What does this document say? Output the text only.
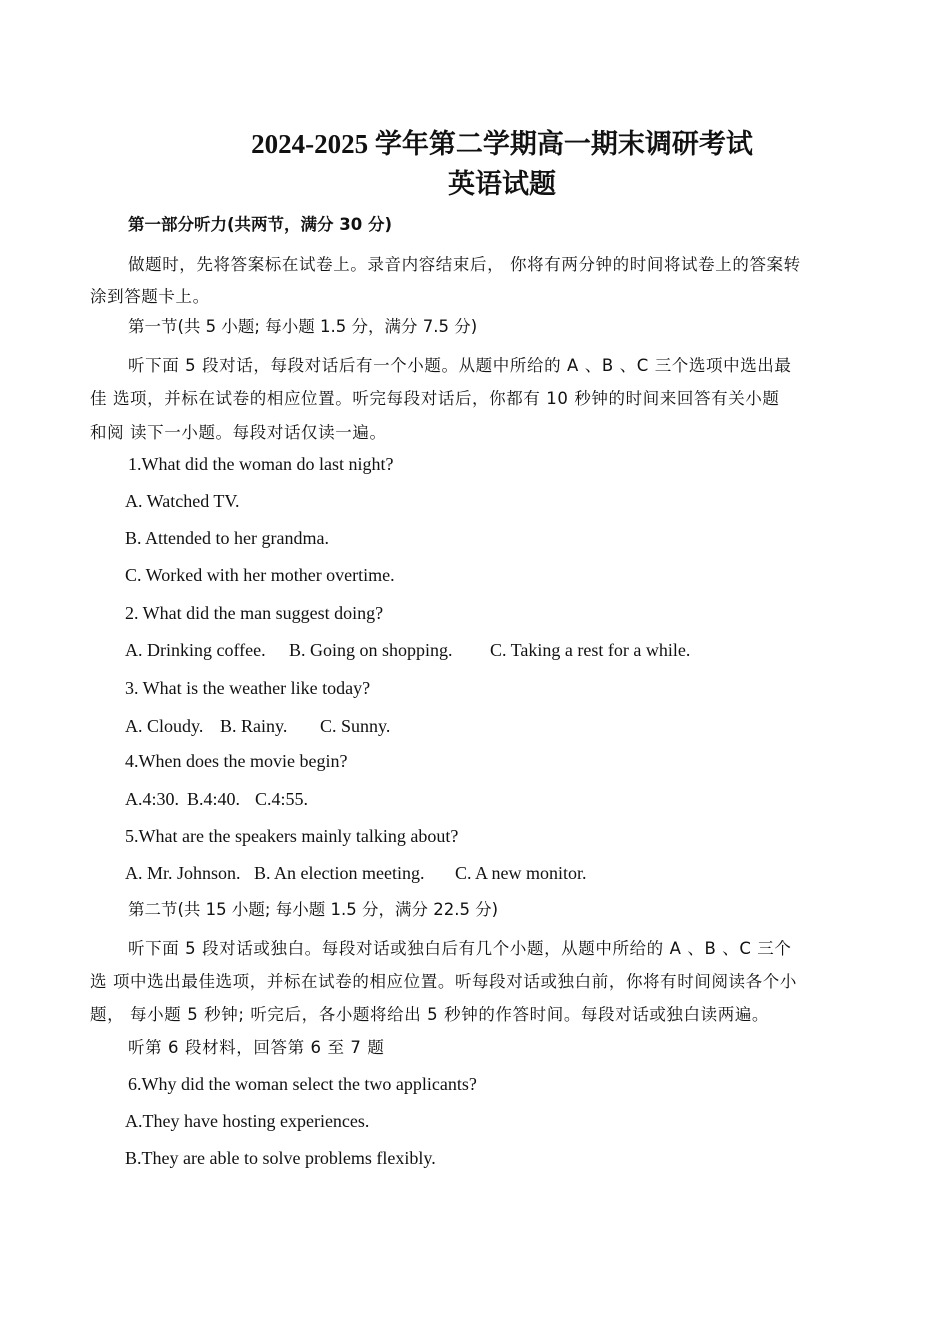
2024-2025 学年第二学期高一期末调研考试
英语试题
第一部分听力(共两节，满分 30 分)
做题时，先将答案标在试卷上。录音内容结束后， 你将有两分钟的时间将试卷上的答案转
涂到答题卡上。
第一节(共 5 小题; 每小题 1.5 分，满分 7.5 分)
听下面 5 段对话，每段对话后有一个小题。从题中所给的 A 、B 、C 三个选项中选出最
佳 选项，并标在试卷的相应位置。听完每段对话后，你都有 10 秒钟的时间来回答有关小题
和阅 读下一小题。每段对话仅读一遍。
1.What did the woman do last night?
A. Watched TV.
B. Attended to her grandma.
C. Worked with her mother overtime.
2. What did the man suggest doing?
A. Drinking coffee. B. Going on shopping. C. Taking a rest for a while.
3. What is the weather like today?
A. Cloudy. B. Rainy. C. Sunny.
4.When does the movie begin?
A.4:30. B.4:40. C.4:55.
5.What are the speakers mainly talking about?
A. Mr. Johnson. B. An election meeting. C. A new monitor.
第二节(共 15 小题; 每小题 1.5 分，满分 22.5 分)
听下面 5 段对话或独白。每段对话或独白后有几个小题，从题中所给的 A 、B 、C 三个
选 项中选出最佳选项，并标在试卷的相应位置。听每段对话或独白前，你将有时间阅读各个小
题， 每小题 5 秒钟; 听完后，各小题将给出 5 秒钟的作答时间。每段对话或独白读两遍。
听第 6 段材料，回答第 6 至 7 题
6.Why did the woman select the two applicants?
A.They have hosting experiences.
B.They are able to solve problems flexibly.
